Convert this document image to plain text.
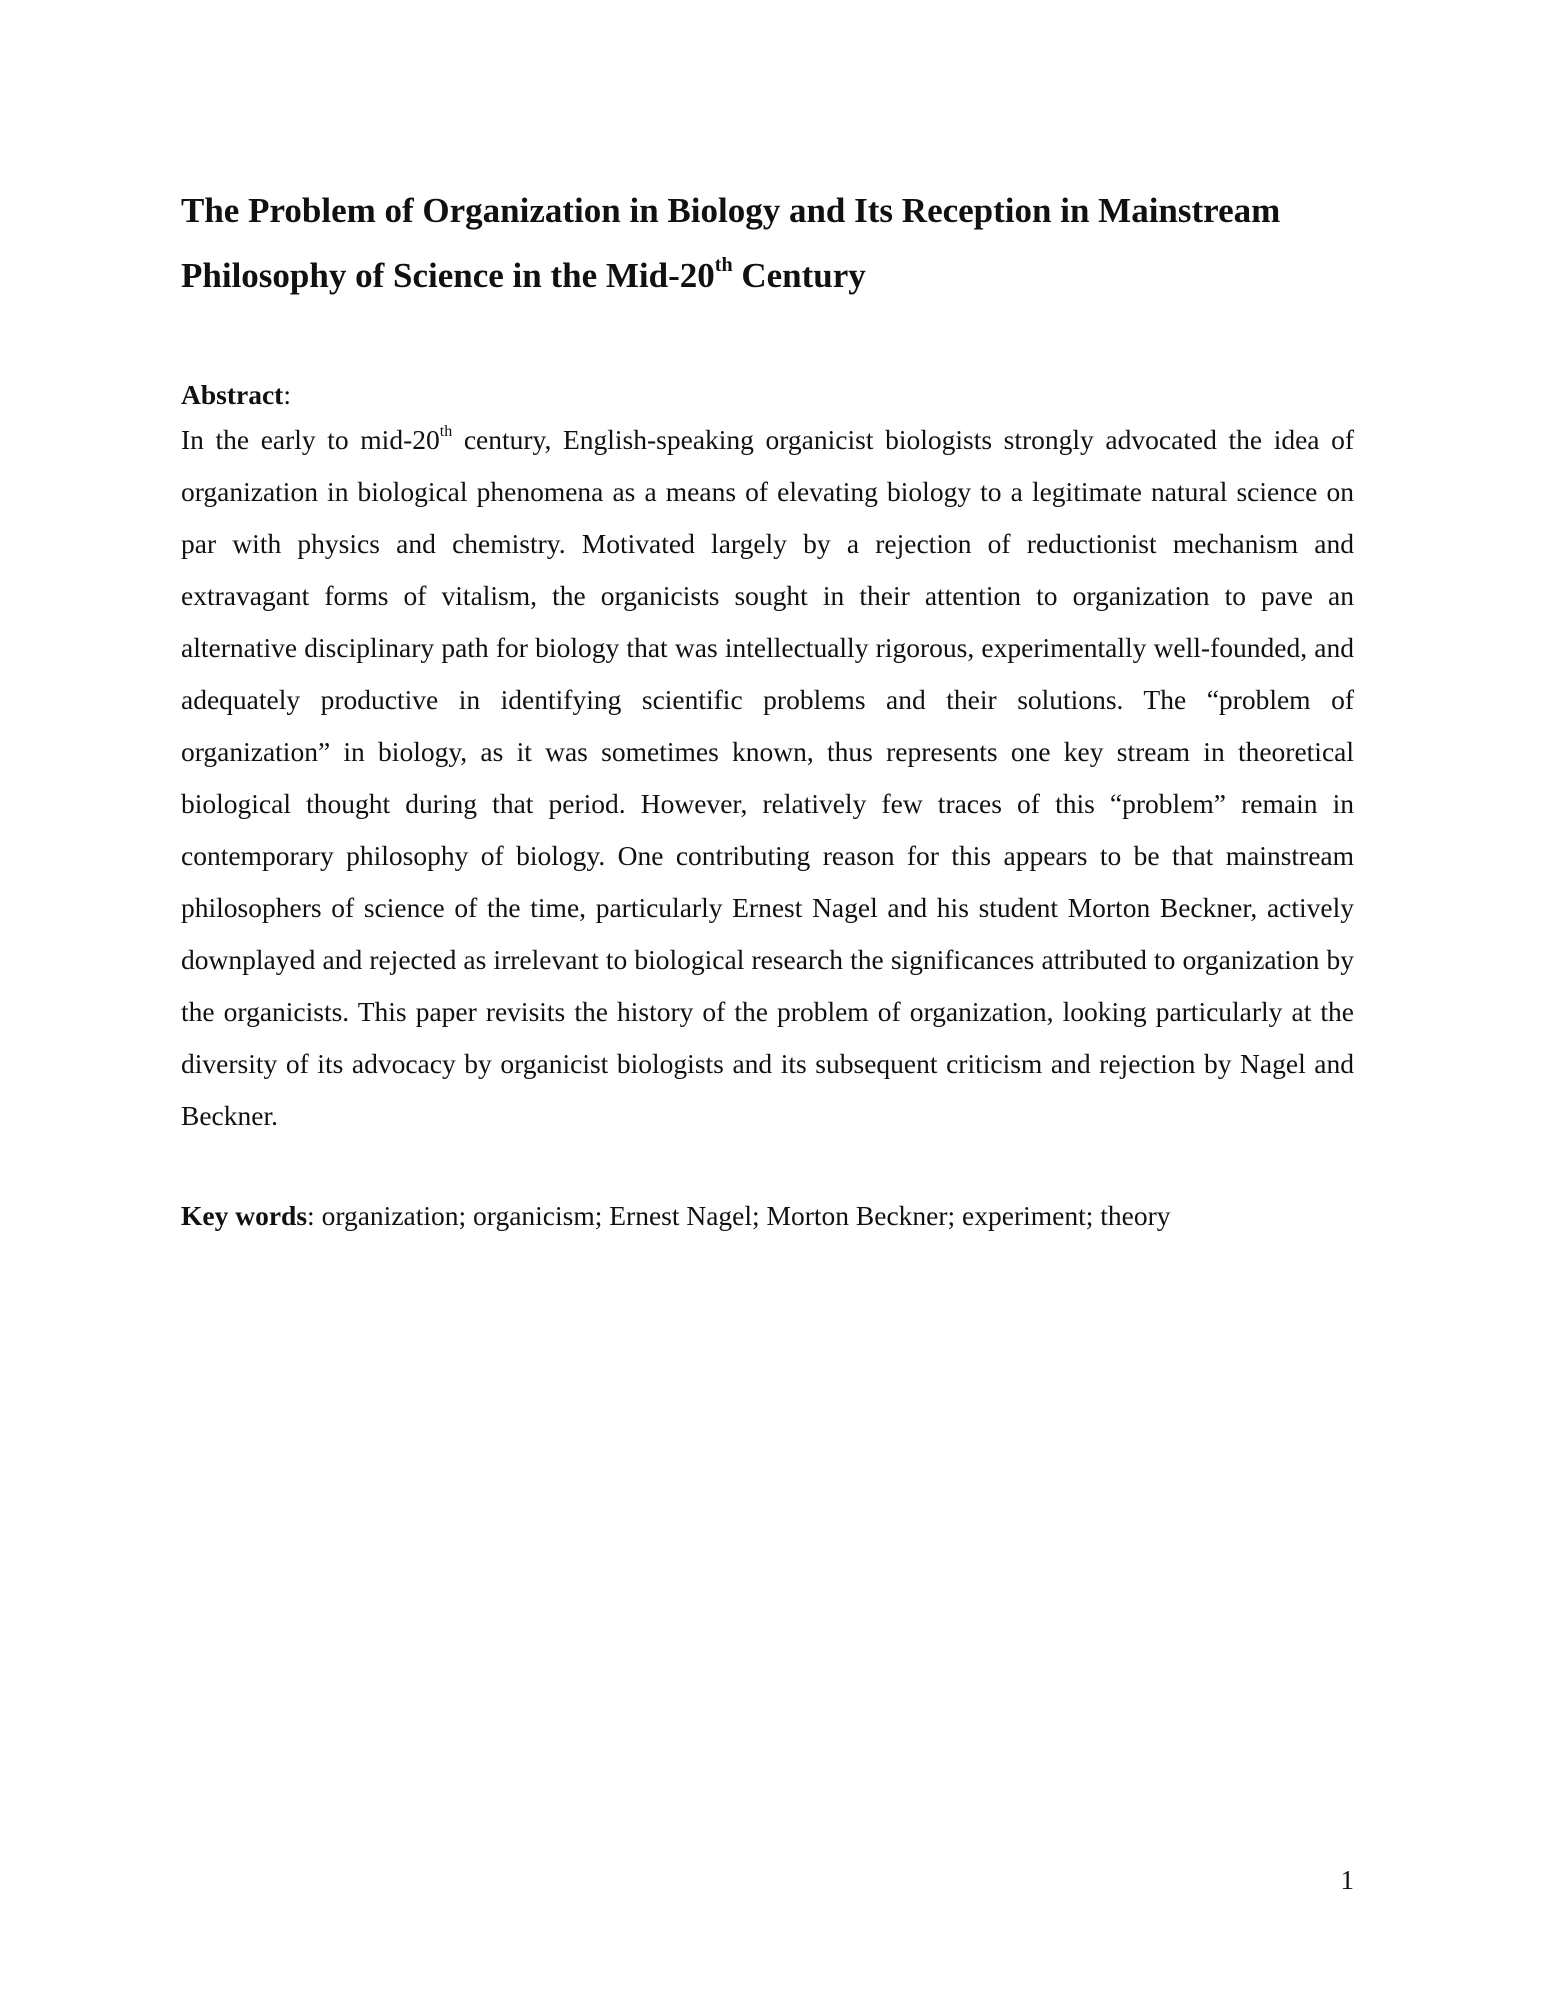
The Problem of Organization in Biology and Its Reception in Mainstream Philosophy of Science in the Mid-20th Century

Abstract:

In the early to mid-20th century, English-speaking organicist biologists strongly advocated the idea of organization in biological phenomena as a means of elevating biology to a legitimate natural science on par with physics and chemistry. Motivated largely by a rejection of reductionist mechanism and extravagant forms of vitalism, the organicists sought in their attention to organization to pave an alternative disciplinary path for biology that was intellectually rigorous, experimentally well-founded, and adequately productive in identifying scientific problems and their solutions. The “problem of organization” in biology, as it was sometimes known, thus represents one key stream in theoretical biological thought during that period. However, relatively few traces of this “problem” remain in contemporary philosophy of biology. One contributing reason for this appears to be that mainstream philosophers of science of the time, particularly Ernest Nagel and his student Morton Beckner, actively downplayed and rejected as irrelevant to biological research the significances attributed to organization by the organicists. This paper revisits the history of the problem of organization, looking particularly at the diversity of its advocacy by organicist biologists and its subsequent criticism and rejection by Nagel and Beckner.

Key words: organization; organicism; Ernest Nagel; Morton Beckner; experiment; theory

1
